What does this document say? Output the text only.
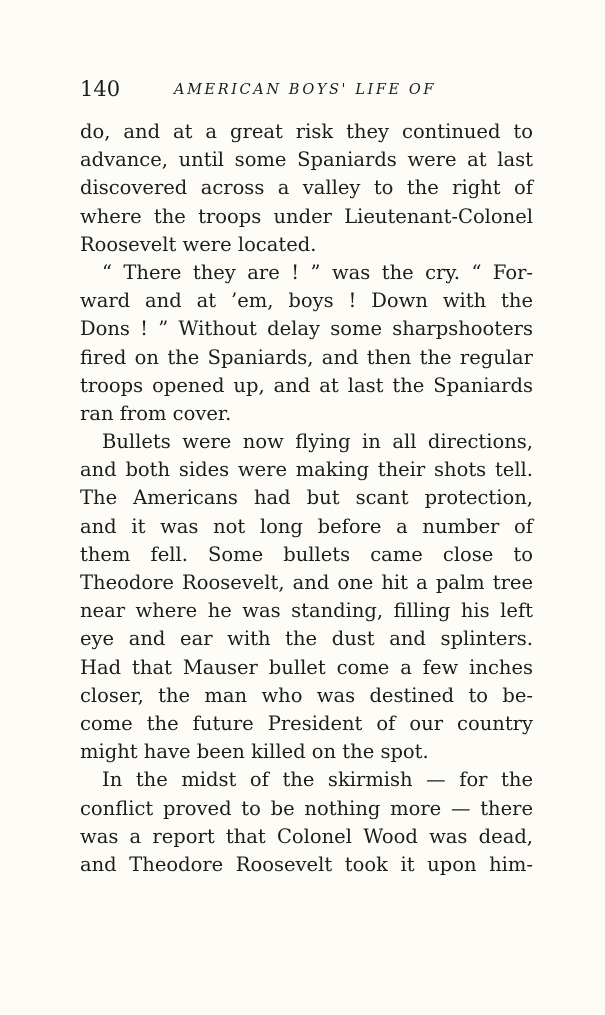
140	AMERICAN BOYS' LIFE OF
do, and at a great risk they continued to
advance, until some Spaniards were at last
discovered across a valley to the right of
where the troops under Lieutenant-Colonel
Roosevelt were located.
“ There they are ! ” was the cry. “ For-
ward and at ’em, boys ! Down with the
Dons ! ” Without delay some sharpshooters
fired on the Spaniards, and then the regular
troops opened up, and at last the Spaniards
ran from cover.
Bullets were now flying in all directions,
and both sides were making their shots tell.
The Americans had but scant protection,
and it was not long before a number of
them fell. Some bullets came close to
Theodore Roosevelt, and one hit a palm tree
near where he was standing, filling his left
eye and ear with the dust and splinters.
Had that Mauser bullet come a few inches
closer, the man who was destined to be-
come the future President of our country
might have been killed on the spot.
In the midst of the skirmish — for the
conflict proved to be nothing more — there
was a report that Colonel Wood was dead,
and Theodore Roosevelt took it upon him-
